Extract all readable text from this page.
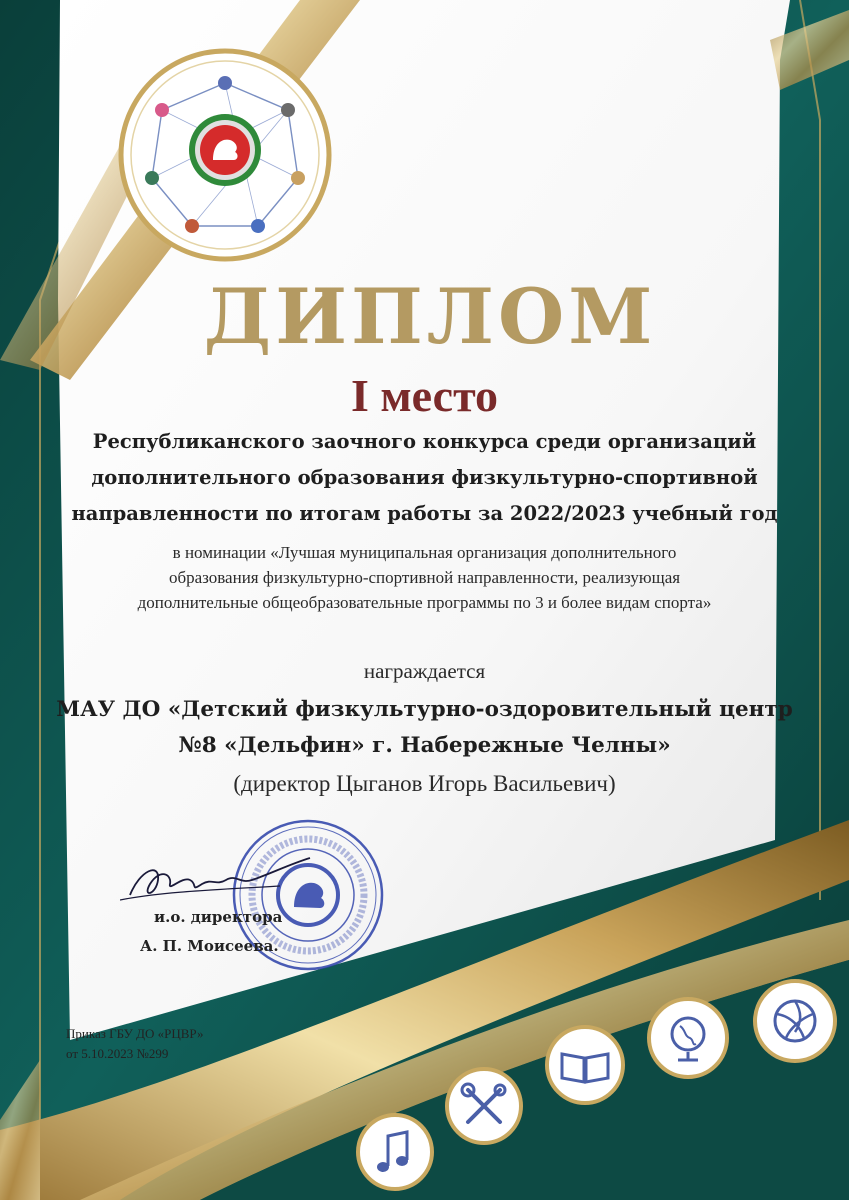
ДИПЛОМ
I место
Республиканского заочного конкурса среди организаций
дополнительного образования физкультурно-спортивной
направленности по итогам работы за 2022/2023 учебный год
в номинации «Лучшая муниципальная организация дополнительного
образования физкультурно-спортивной направленности, реализующая
дополнительные общеобразовательные программы по 3 и более видам спорта»
награждается
МАУ ДО «Детский физкультурно-оздоровительный центр
№8 «Дельфин» г. Набережные Челны»
(директор Цыганов Игорь Васильевич)
и.о. директора
А. П. Моисеева.
Приказ ГБУ ДО «РЦВР»
от 5.10.2023 №299
